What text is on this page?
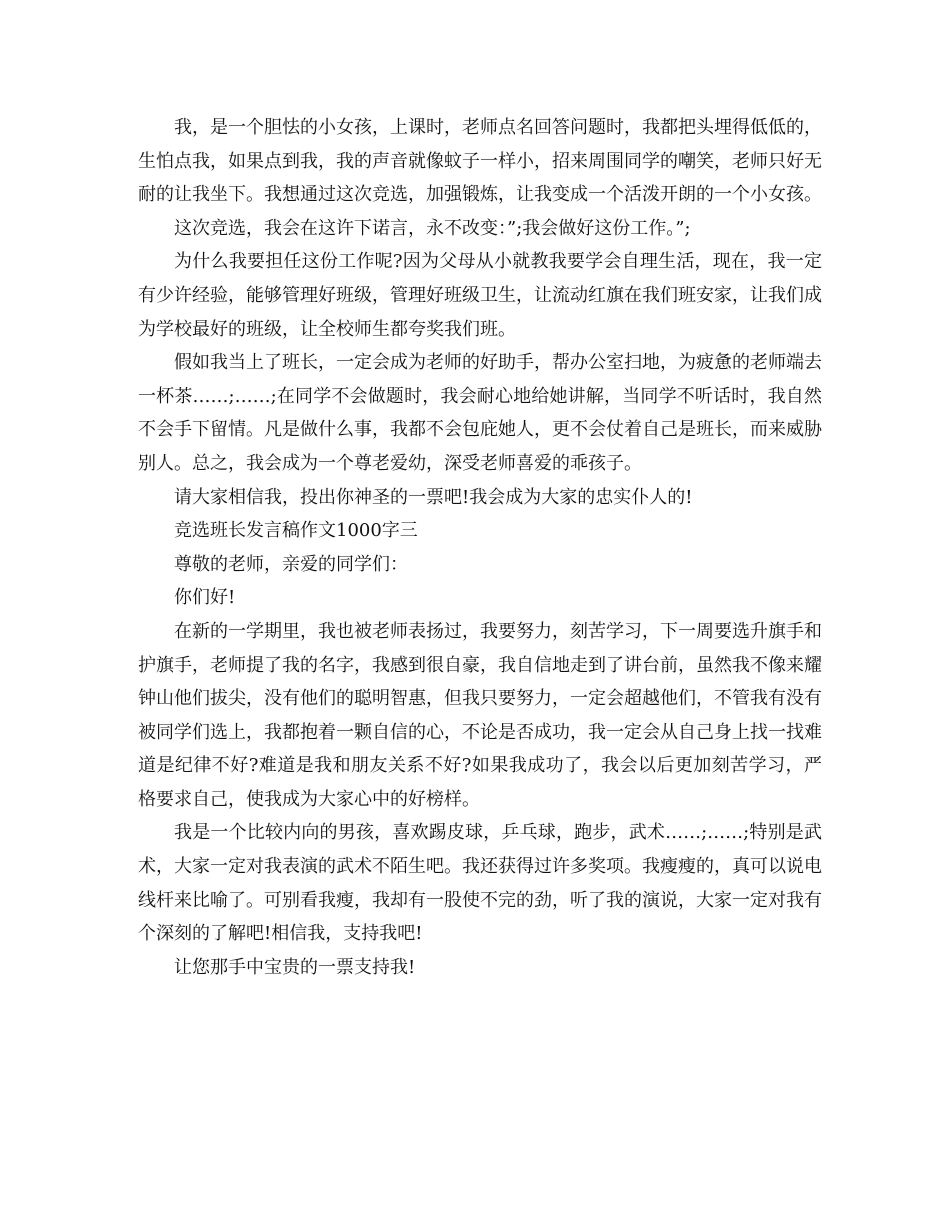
我，是一个胆怯的小女孩，上课时，老师点名回答问题时，我都把头埋得低低的，生怕点我，如果点到我，我的声音就像蚊子一样小，招来周围同学的嘲笑，老师只好无耐的让我坐下。我想通过这次竞选，加强锻炼，让我变成一个活泼开朗的一个小女孩。

这次竞选，我会在这许下诺言，永不改变：”;我会做好这份工作。”;

为什么我要担任这份工作呢?因为父母从小就教我要学会自理生活，现在，我一定有少许经验，能够管理好班级，管理好班级卫生，让流动红旗在我们班安家，让我们成为学校最好的班级，让全校师生都夸奖我们班。

假如我当上了班长，一定会成为老师的好助手，帮办公室扫地，为疲惫的老师端去一杯茶……;……;在同学不会做题时，我会耐心地给她讲解，当同学不听话时，我自然不会手下留情。凡是做什么事，我都不会包庇她人，更不会仗着自己是班长，而来威胁别人。总之，我会成为一个尊老爱幼，深受老师喜爱的乖孩子。

请大家相信我，投出你神圣的一票吧!我会成为大家的忠实仆人的!

竞选班长发言稿作文1000字三

尊敬的老师，亲爱的同学们：

你们好!

在新的一学期里，我也被老师表扬过，我要努力，刻苦学习，下一周要选升旗手和护旗手，老师提了我的名字，我感到很自豪，我自信地走到了讲台前，虽然我不像来耀钟山他们拔尖，没有他们的聪明智惠，但我只要努力，一定会超越他们，不管我有没有被同学们选上，我都抱着一颗自信的心，不论是否成功，我一定会从自己身上找一找难道是纪律不好?难道是我和朋友关系不好?如果我成功了，我会以后更加刻苦学习，严格要求自己，使我成为大家心中的好榜样。

我是一个比较内向的男孩，喜欢踢皮球，乒乓球，跑步，武术……;……;特别是武术，大家一定对我表演的武术不陌生吧。我还获得过许多奖项。我瘦瘦的，真可以说电线杆来比喻了。可别看我瘦，我却有一股使不完的劲，听了我的演说，大家一定对我有个深刻的了解吧!相信我，支持我吧!

让您那手中宝贵的一票支持我!
